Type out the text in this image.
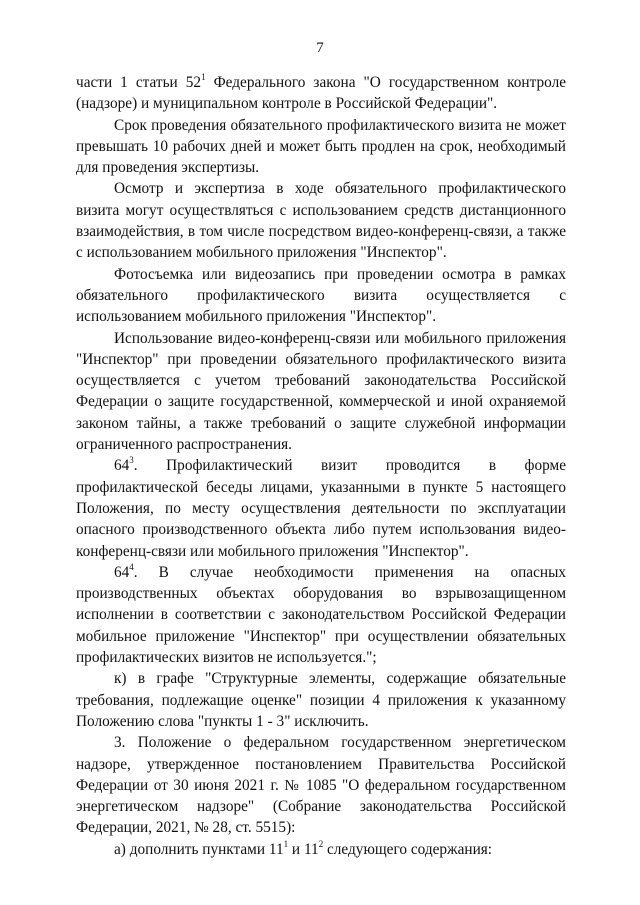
7

части 1 статьи $52^1$ Федерального закона "О государственном контроле (надзоре) и муниципальном контроле в Российской Федерации".

Срок проведения обязательного профилактического визита не может превышать 10 рабочих дней и может быть продлен на срок, необходимый для проведения экспертизы.

Осмотр и экспертиза в ходе обязательного профилактического визита могут осуществляться с использованием средств дистанционного взаимодействия, в том числе посредством видео-конференц-связи, а также с использованием мобильного приложения "Инспектор".

Фотосъемка или видеозапись при проведении осмотра в рамках обязательного профилактического визита осуществляется с использованием мобильного приложения "Инспектор".

Использование видео-конференц-связи или мобильного приложения "Инспектор" при проведении обязательного профилактического визита осуществляется с учетом требований законодательства Российской Федерации о защите государственной, коммерческой и иной охраняемой законом тайны, а также требований о защите служебной информации ограниченного распространения.

$64^3$. Профилактический визит проводится в форме профилактической беседы лицами, указанными в пункте 5 настоящего Положения, по месту осуществления деятельности по эксплуатации опасного производственного объекта либо путем использования видео-конференц-связи или мобильного приложения "Инспектор".

$64^4$. В случае необходимости применения на опасных производственных объектах оборудования во взрывозащищенном исполнении в соответствии с законодательством Российской Федерации мобильное приложение "Инспектор" при осуществлении обязательных профилактических визитов не используется.";

к) в графе "Структурные элементы, содержащие обязательные требования, подлежащие оценке" позиции 4 приложения к указанному Положению слова "пункты 1 - 3" исключить.

3. Положение о федеральном государственном энергетическом надзоре, утвержденное постановлением Правительства Российской Федерации от 30 июня 2021 г. № 1085 "О федеральном государственном энергетическом надзоре" (Собрание законодательства Российской Федерации, 2021, № 28, ст. 5515):

а) дополнить пунктами $11^1$ и $11^2$ следующего содержания:
